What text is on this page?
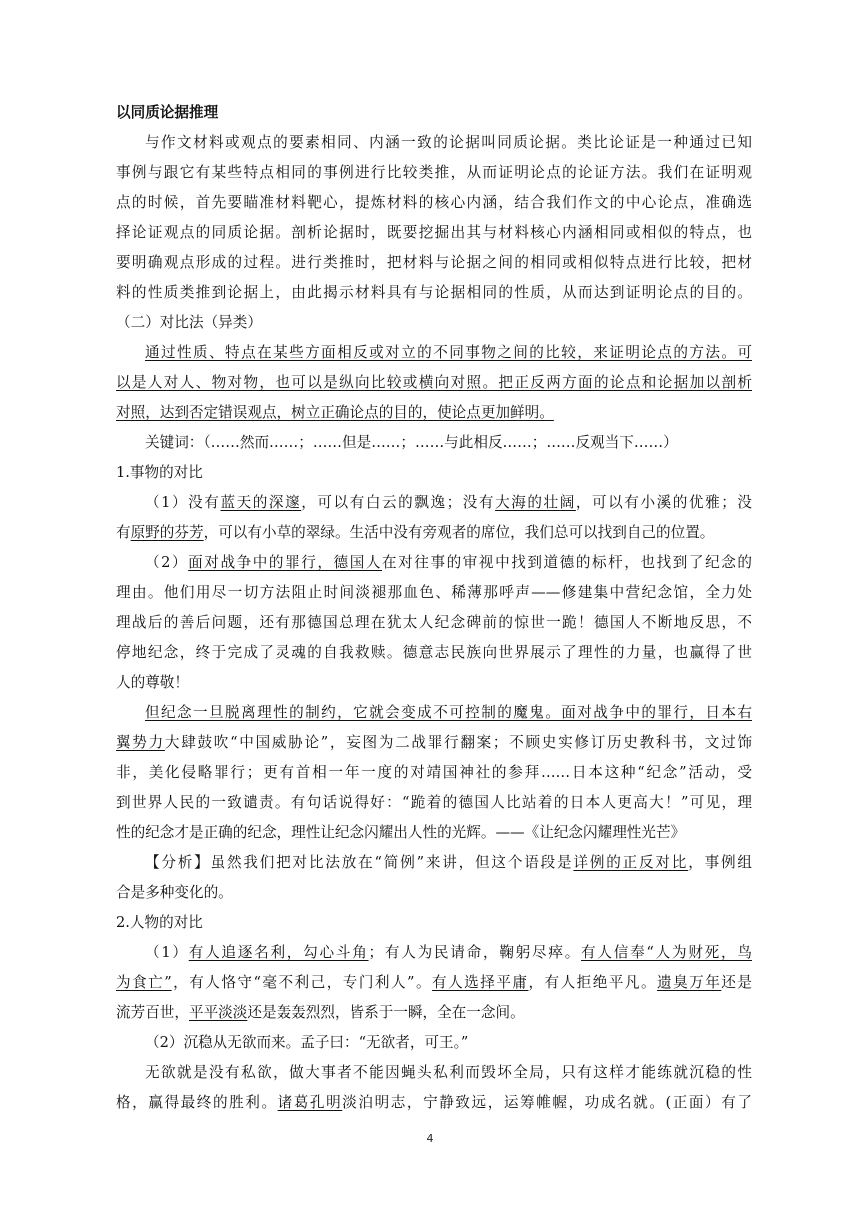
以同质论据推理
与作文材料或观点的要素相同、内涵一致的论据叫同质论据。类比论证是一种通过已知
事例与跟它有某些特点相同的事例进行比较类推，从而证明论点的论证方法。我们在证明观
点的时候，首先要瞄准材料靶心，提炼材料的核心内涵，结合我们作文的中心论点，准确选
择论证观点的同质论据。剖析论据时，既要挖掘出其与材料核心内涵相同或相似的特点，也
要明确观点形成的过程。进行类推时，把材料与论据之间的相同或相似特点进行比较，把材
料的性质类推到论据上，由此揭示材料具有与论据相同的性质，从而达到证明论点的目的。
（二）对比法（异类）
通过性质、特点在某些方面相反或对立的不同事物之间的比较，来证明论点的方法。可
以是人对人、物对物，也可以是纵向比较或横向对照。把正反两方面的论点和论据加以剖析
对照，达到否定错误观点，树立正确论点的目的，使论点更加鲜明。
关键词：（……然而……；……但是……；……与此相反……；……反观当下……）
1.事物的对比
（1）没有蓝天的深邃，可以有白云的飘逸；没有大海的壮阔，可以有小溪的优雅；没
有原野的芬芳，可以有小草的翠绿。生活中没有旁观者的席位，我们总可以找到自己的位置。
（2）面对战争中的罪行，德国人在对往事的审视中找到道德的标杆，也找到了纪念的
理由。他们用尽一切方法阻止时间淡褪那血色、稀薄那呼声——修建集中营纪念馆，全力处
理战后的善后问题，还有那德国总理在犹太人纪念碑前的惊世一跪！德国人不断地反思，不
停地纪念，终于完成了灵魂的自我救赎。德意志民族向世界展示了理性的力量，也赢得了世
人的尊敬！
但纪念一旦脱离理性的制约，它就会变成不可控制的魔鬼。面对战争中的罪行，日本右
翼势力大肆鼓吹“中国威胁论”，妄图为二战罪行翻案；不顾史实修订历史教科书，文过饰
非，美化侵略罪行；更有首相一年一度的对靖国神社的参拜……日本这种“纪念”活动，受
到世界人民的一致谴责。有句话说得好：“跪着的德国人比站着的日本人更高大！”可见，理
性的纪念才是正确的纪念，理性让纪念闪耀出人性的光辉。——《让纪念闪耀理性光芒》
【分析】虽然我们把对比法放在“简例”来讲，但这个语段是详例的正反对比，事例组
合是多种变化的。
2.人物的对比
（1）有人追逐名利，勾心斗角；有人为民请命，鞠躬尽瘁。有人信奉“人为财死，鸟
为食亡”，有人恪守“毫不利己，专门利人”。有人选择平庸，有人拒绝平凡。遗臭万年还是
流芳百世，平平淡淡还是轰轰烈烈，皆系于一瞬，全在一念间。
（2）沉稳从无欲而来。孟子曰：“无欲者，可王。”
无欲就是没有私欲，做大事者不能因蝇头私利而毁坏全局，只有这样才能练就沉稳的性
格，赢得最终的胜利。诸葛孔明淡泊明志，宁静致远，运筹帷幄，功成名就。(正面）有了
4
